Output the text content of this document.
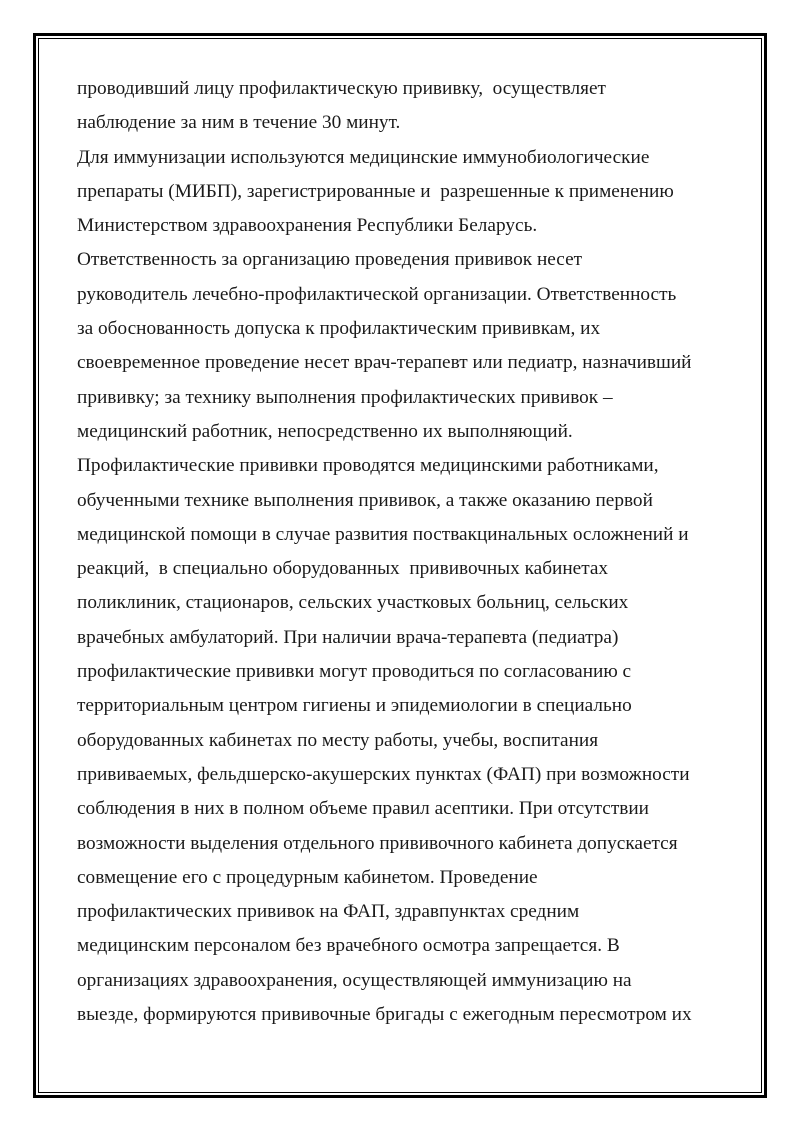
проводивший лицу профилактическую прививку,  осуществляет

наблюдение за ним в течение 30 минут.

Для иммунизации используются медицинские иммунобиологические

препараты (МИБП), зарегистрированные и  разрешенные к применению

Министерством здравоохранения Республики Беларусь.

Ответственность за организацию проведения прививок несет

руководитель лечебно-профилактической организации. Ответственность

за обоснованность допуска к профилактическим прививкам, их

своевременное проведение несет врач-терапевт или педиатр, назначивший

прививку; за технику выполнения профилактических прививок –

медицинский работник, непосредственно их выполняющий.

Профилактические прививки проводятся медицинскими работниками,

обученными технике выполнения прививок, а также оказанию первой

медицинской помощи в случае развития поствакцинальных осложнений и

реакций,  в специально оборудованных  прививочных кабинетах

поликлиник, стационаров, сельских участковых больниц, сельских

врачебных амбулаторий. При наличии врача-терапевта (педиатра)

профилактические прививки могут проводиться по согласованию с

территориальным центром гигиены и эпидемиологии в специально

оборудованных кабинетах по месту работы, учебы, воспитания

прививаемых, фельдшерско-акушерских пунктах (ФАП) при возможности

соблюдения в них в полном объеме правил асептики. При отсутствии

возможности выделения отдельного прививочного кабинета допускается

совмещение его с процедурным кабинетом. Проведение

профилактических прививок на ФАП, здравпунктах средним

медицинским персоналом без врачебного осмотра запрещается. В

организациях здравоохранения, осуществляющей иммунизацию на

выезде, формируются прививочные бригады с ежегодным пересмотром их
